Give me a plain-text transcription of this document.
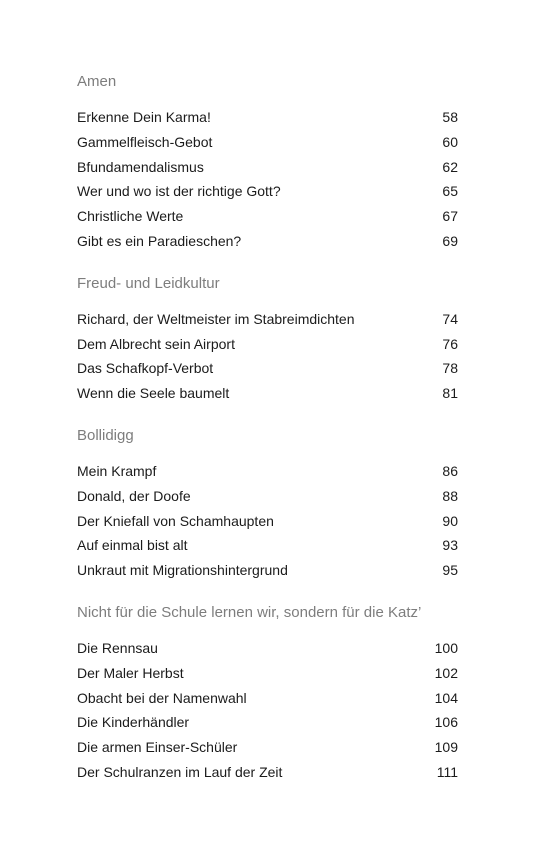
Amen
Erkenne Dein Karma!	58
Gammelfleisch-Gebot	60
Bfundamendalismus	62
Wer und wo ist der richtige Gott?	65
Christliche Werte	67
Gibt es ein Paradieschen?	69
Freud- und Leidkultur
Richard, der Weltmeister im Stabreimdichten	74
Dem Albrecht sein Airport	76
Das Schafkopf-Verbot	78
Wenn die Seele baumelt	81
Bollidigg
Mein Krampf	86
Donald, der Doofe	88
Der Kniefall von Schamhaupten	90
Auf einmal bist alt	93
Unkraut mit Migrationshintergrund	95
Nicht für die Schule lernen wir, sondern für die Katz’
Die Rennsau	100
Der Maler Herbst	102
Obacht bei der Namenwahl	104
Die Kinderhändler	106
Die armen Einser-Schüler	109
Der Schulranzen im Lauf der Zeit	111
